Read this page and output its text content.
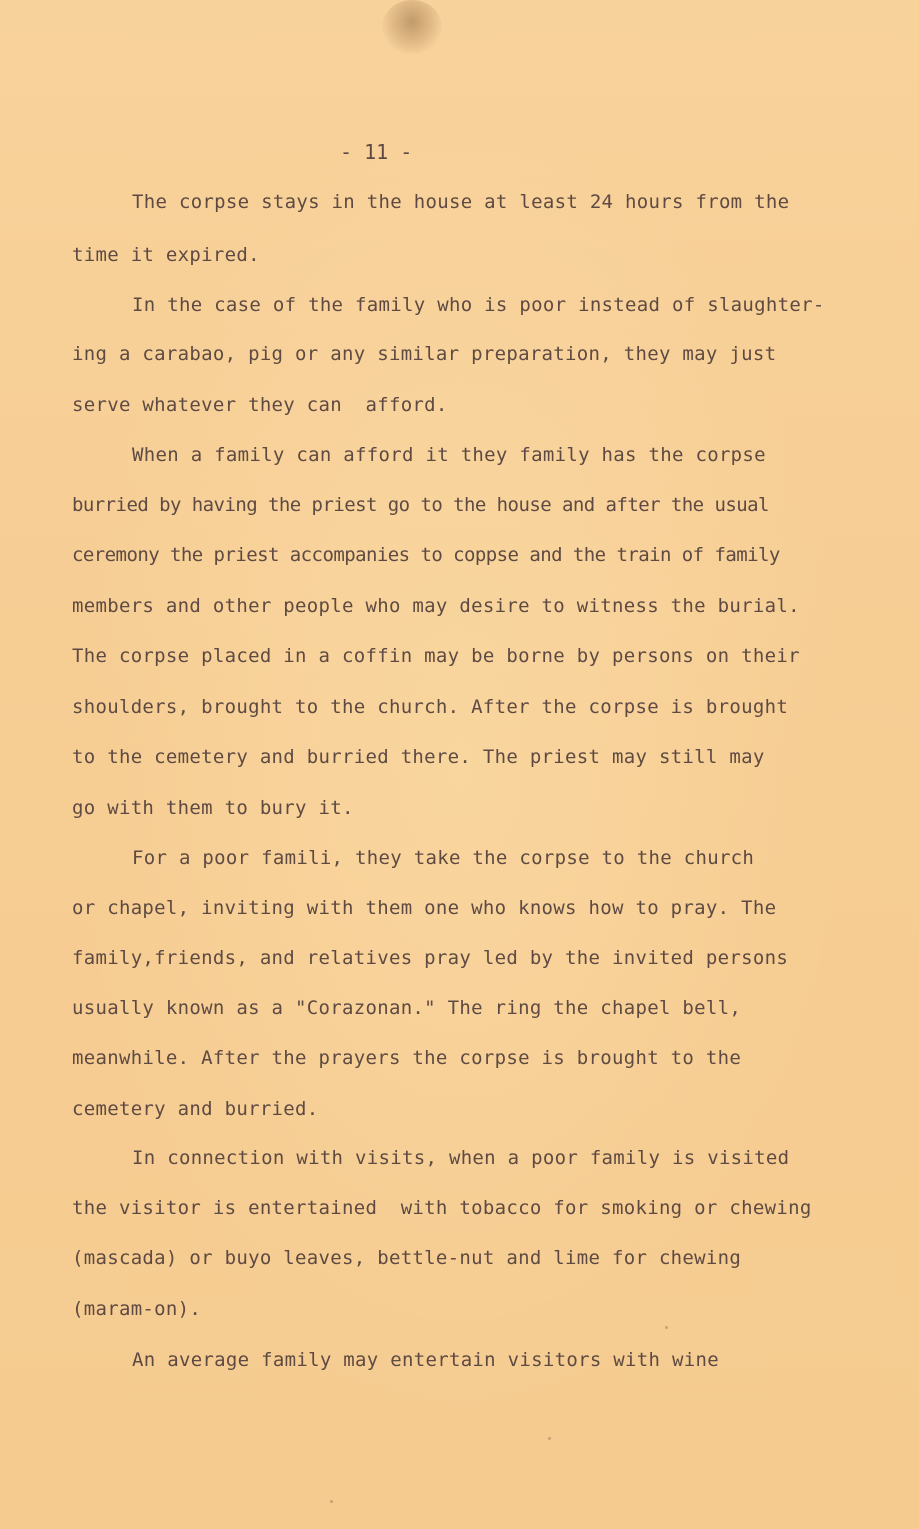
- 11 -
The corpse stays in the house at least 24 hours from the
time it expired.
In the case of the family who is poor instead of slaughter-
ing a carabao, pig or any similar preparation, they may just
serve whatever they can  afford.
When a family can afford it they family has the corpse
burried by having the priest go to the house and after the usual
ceremony the priest accompanies to coppse and the train of family
members and other people who may desire to witness the burial.
The corpse placed in a coffin may be borne by persons on their
shoulders, brought to the church. After the corpse is brought
to the cemetery and burried there. The priest may still may
go with them to bury it.
For a poor famili, they take the corpse to the church
or chapel, inviting with them one who knows how to pray. The
family,friends, and relatives pray led by the invited persons
usually known as a "Corazonan." The ring the chapel bell,
meanwhile. After the prayers the corpse is brought to the
cemetery and burried.
In connection with visits, when a poor family is visited
the visitor is entertained  with tobacco for smoking or chewing
(mascada) or buyo leaves, bettle-nut and lime for chewing
(maram-on).
An average family may entertain visitors with wine
